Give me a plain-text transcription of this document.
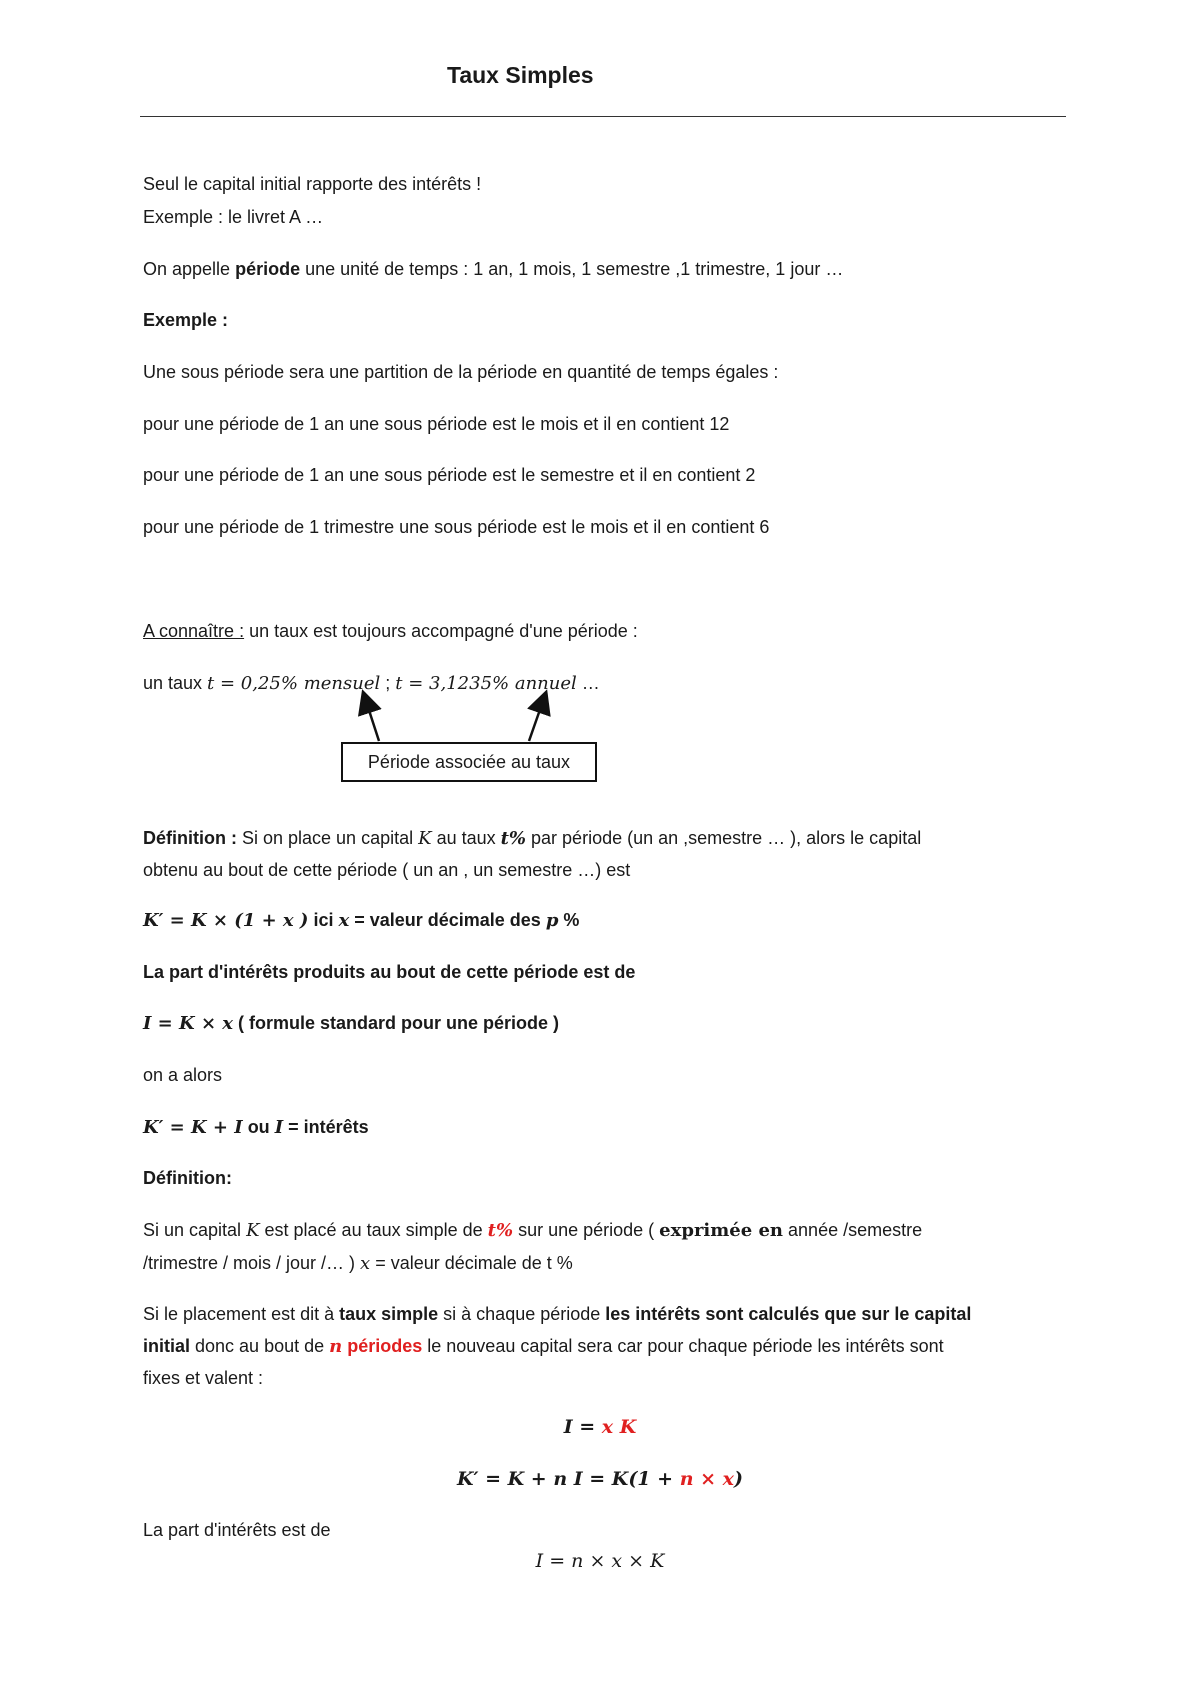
Taux Simples
Seul le capital initial rapporte des intérêts !
Exemple : le livret A …
On appelle période une unité de temps : 1 an, 1 mois, 1 semestre ,1 trimestre, 1 jour …
Exemple :
Une sous période sera une partition de la période en quantité de temps égales :
pour une période de 1 an une sous période est le mois et il en contient 12
pour une période de 1 an une sous période est le semestre et il en contient 2
pour une période de 1 trimestre une sous période est le mois et il en contient 6
A connaître : un taux est toujours accompagné d'une période :
un taux t = 0,25% mensuel ; t = 3,1235% annuel …
Période associée au taux
Définition : Si on place un capital K au taux t% par période (un an ,semestre … ), alors le capital
obtenu au bout de cette période ( un an , un semestre …) est
K′ = K × (1 + x ) ici x = valeur décimale des p %
La part d'intérêts produits au bout de cette période est de
I = K × x ( formule standard pour une période )
on a alors
K′ = K + I ou I = intérêts
Définition:
Si un capital K est placé au taux simple de t% sur une période ( exprimée en année /semestre
/trimestre / mois / jour /… ) x = valeur décimale de t %
Si le placement est dit à taux simple si à chaque période les intérêts sont calculés que sur le capital
initial donc au bout de n périodes le nouveau capital sera car pour chaque période les intérêts sont
fixes et valent :
I = x K
K′ = K + n I = K(1 + n × x)
La part d'intérêts est de
I = n × x × K
